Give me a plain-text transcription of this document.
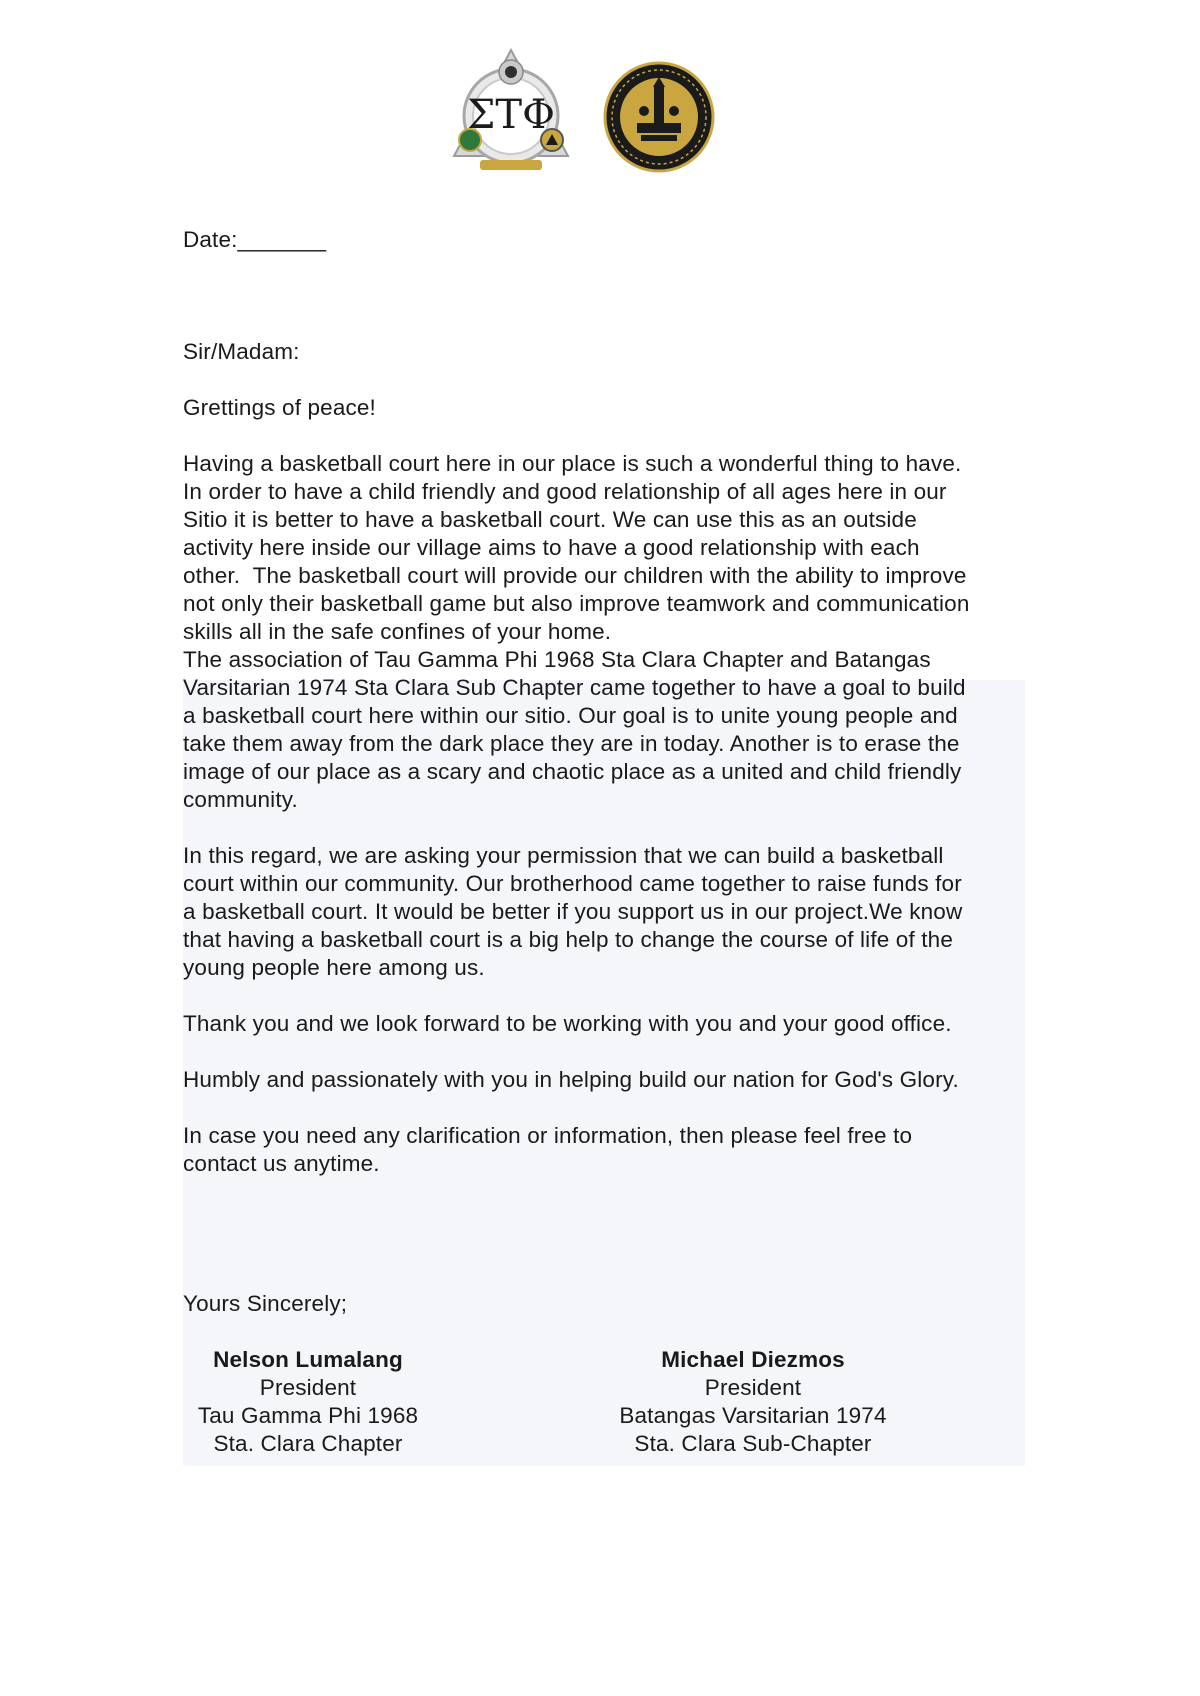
ΣΤΦ
Date:_______
Sir/Madam:
Grettings of peace!
Having a basketball court here in our place is such a wonderful thing to have.
In order to have a child friendly and good relationship of all ages here in our
Sitio it is better to have a basketball court. We can use this as an outside
activity here inside our village aims to have a good relationship with each
other.  The basketball court will provide our children with the ability to improve
not only their basketball game but also improve teamwork and communication
skills all in the safe confines of your home.
The association of Tau Gamma Phi 1968 Sta Clara Chapter and Batangas
Varsitarian 1974 Sta Clara Sub Chapter came together to have a goal to build
a basketball court here within our sitio. Our goal is to unite young people and
take them away from the dark place they are in today. Another is to erase the
image of our place as a scary and chaotic place as a united and child friendly
community.
In this regard, we are asking your permission that we can build a basketball
court within our community. Our brotherhood came together to raise funds for
a basketball court. It would be better if you support us in our project.We know
that having a basketball court is a big help to change the course of life of the
young people here among us.
Thank you and we look forward to be working with you and your good office.
Humbly and passionately with you in helping build our nation for God's Glory.
In case you need any clarification or information, then please feel free to
contact us anytime.
Yours Sincerely;
Nelson Lumalang
President
Tau Gamma Phi 1968
Sta. Clara Chapter
Michael Diezmos
President
Batangas Varsitarian 1974
Sta. Clara Sub-Chapter
